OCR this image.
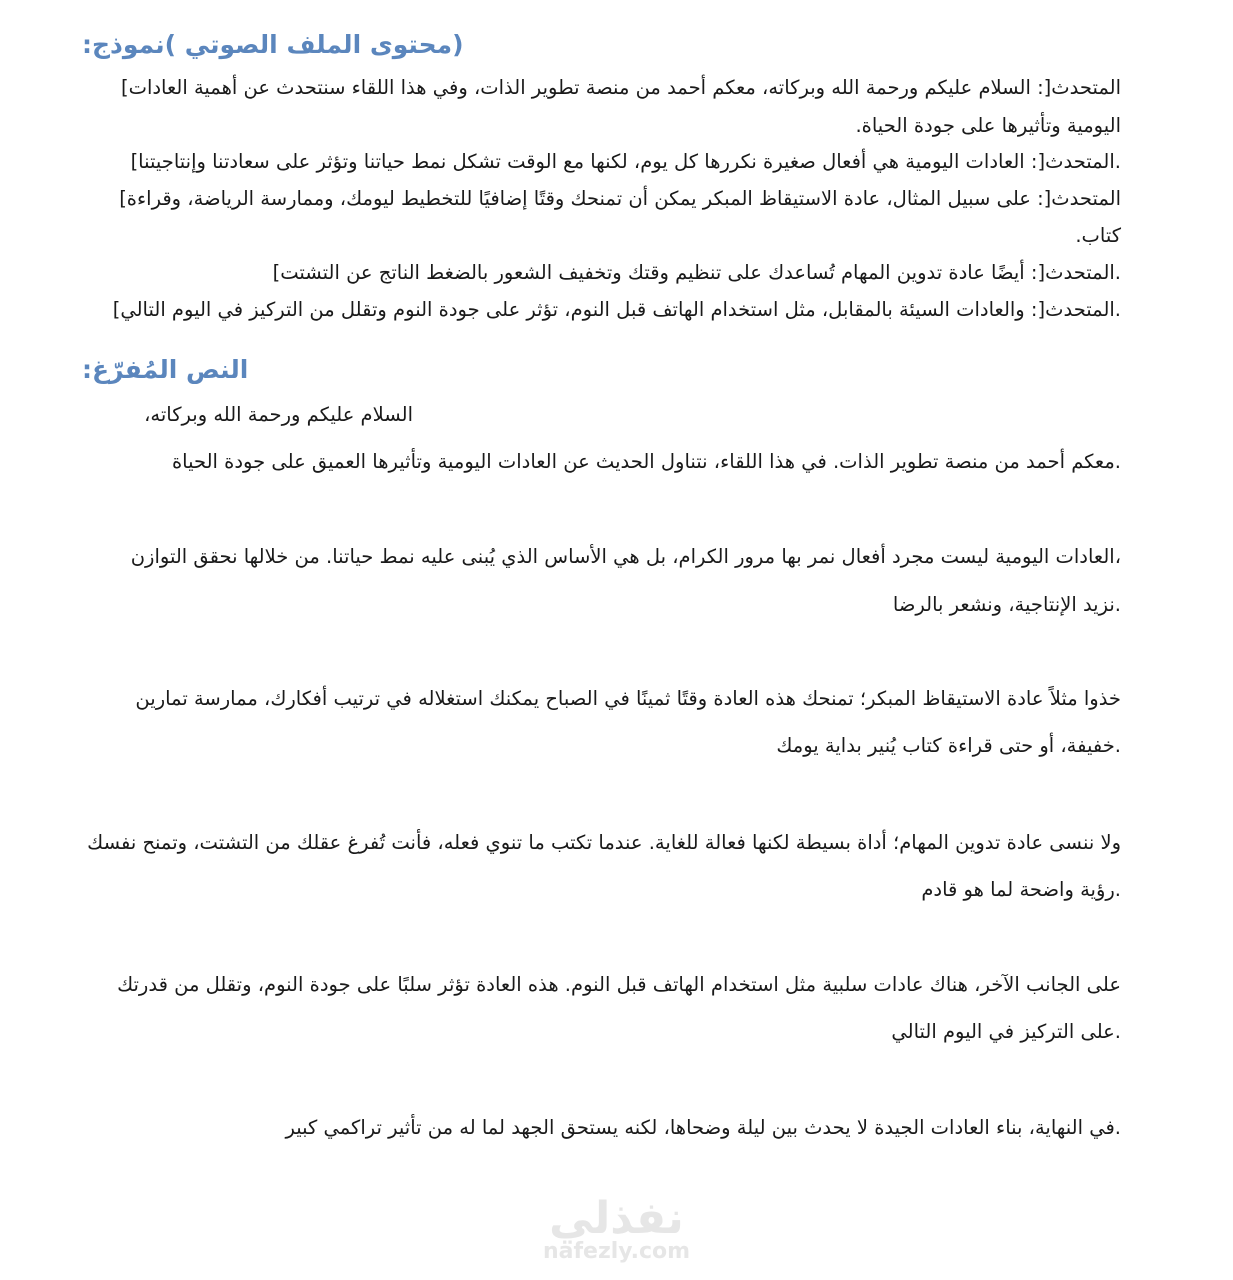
(محتوى الملف الصوتي )نموذج:
المتحدث[: السلام عليكم ورحمة الله وبركاته، معكم أحمد من منصة تطوير الذات، وفي هذا اللقاء سنتحدث عن أهمية العادات]
اليومية وتأثيرها على جودة الحياة.
.المتحدث[: العادات اليومية هي أفعال صغيرة نكررها كل يوم، لكنها مع الوقت تشكل نمط حياتنا وتؤثر على سعادتنا وإنتاجيتنا]
المتحدث[: على سبيل المثال، عادة الاستيقاظ المبكر يمكن أن تمنحك وقتًا إضافيًا للتخطيط ليومك، وممارسة الرياضة، وقراءة]
كتاب.
.المتحدث[: أيضًا عادة تدوين المهام تُساعدك على تنظيم وقتك وتخفيف الشعور بالضغط الناتج عن التشتت]
.المتحدث[: والعادات السيئة بالمقابل، مثل استخدام الهاتف قبل النوم، تؤثر على جودة النوم وتقلل من التركيز في اليوم التالي]
النص المُفرّغ:
السلام عليكم ورحمة الله وبركاته،
.معكم أحمد من منصة تطوير الذات. في هذا اللقاء، نتناول الحديث عن العادات اليومية وتأثيرها العميق على جودة الحياة
،العادات اليومية ليست مجرد أفعال نمر بها مرور الكرام، بل هي الأساس الذي يُبنى عليه نمط حياتنا. من خلالها نحقق التوازن
.نزيد الإنتاجية، ونشعر بالرضا
خذوا مثلاً عادة الاستيقاظ المبكر؛ تمنحك هذه العادة وقتًا ثمينًا في الصباح يمكنك استغلاله في ترتيب أفكارك، ممارسة تمارين
.خفيفة، أو حتى قراءة كتاب يُنير بداية يومك
ولا ننسى عادة تدوين المهام؛ أداة بسيطة لكنها فعالة للغاية. عندما تكتب ما تنوي فعله، فأنت تُفرغ عقلك من التشتت، وتمنح نفسك
.رؤية واضحة لما هو قادم
على الجانب الآخر، هناك عادات سلبية مثل استخدام الهاتف قبل النوم. هذه العادة تؤثر سلبًا على جودة النوم، وتقلل من قدرتك
.على التركيز في اليوم التالي
.في النهاية، بناء العادات الجيدة لا يحدث بين ليلة وضحاها، لكنه يستحق الجهد لما له من تأثير تراكمي كبير
نفذلي
nafezly.com
